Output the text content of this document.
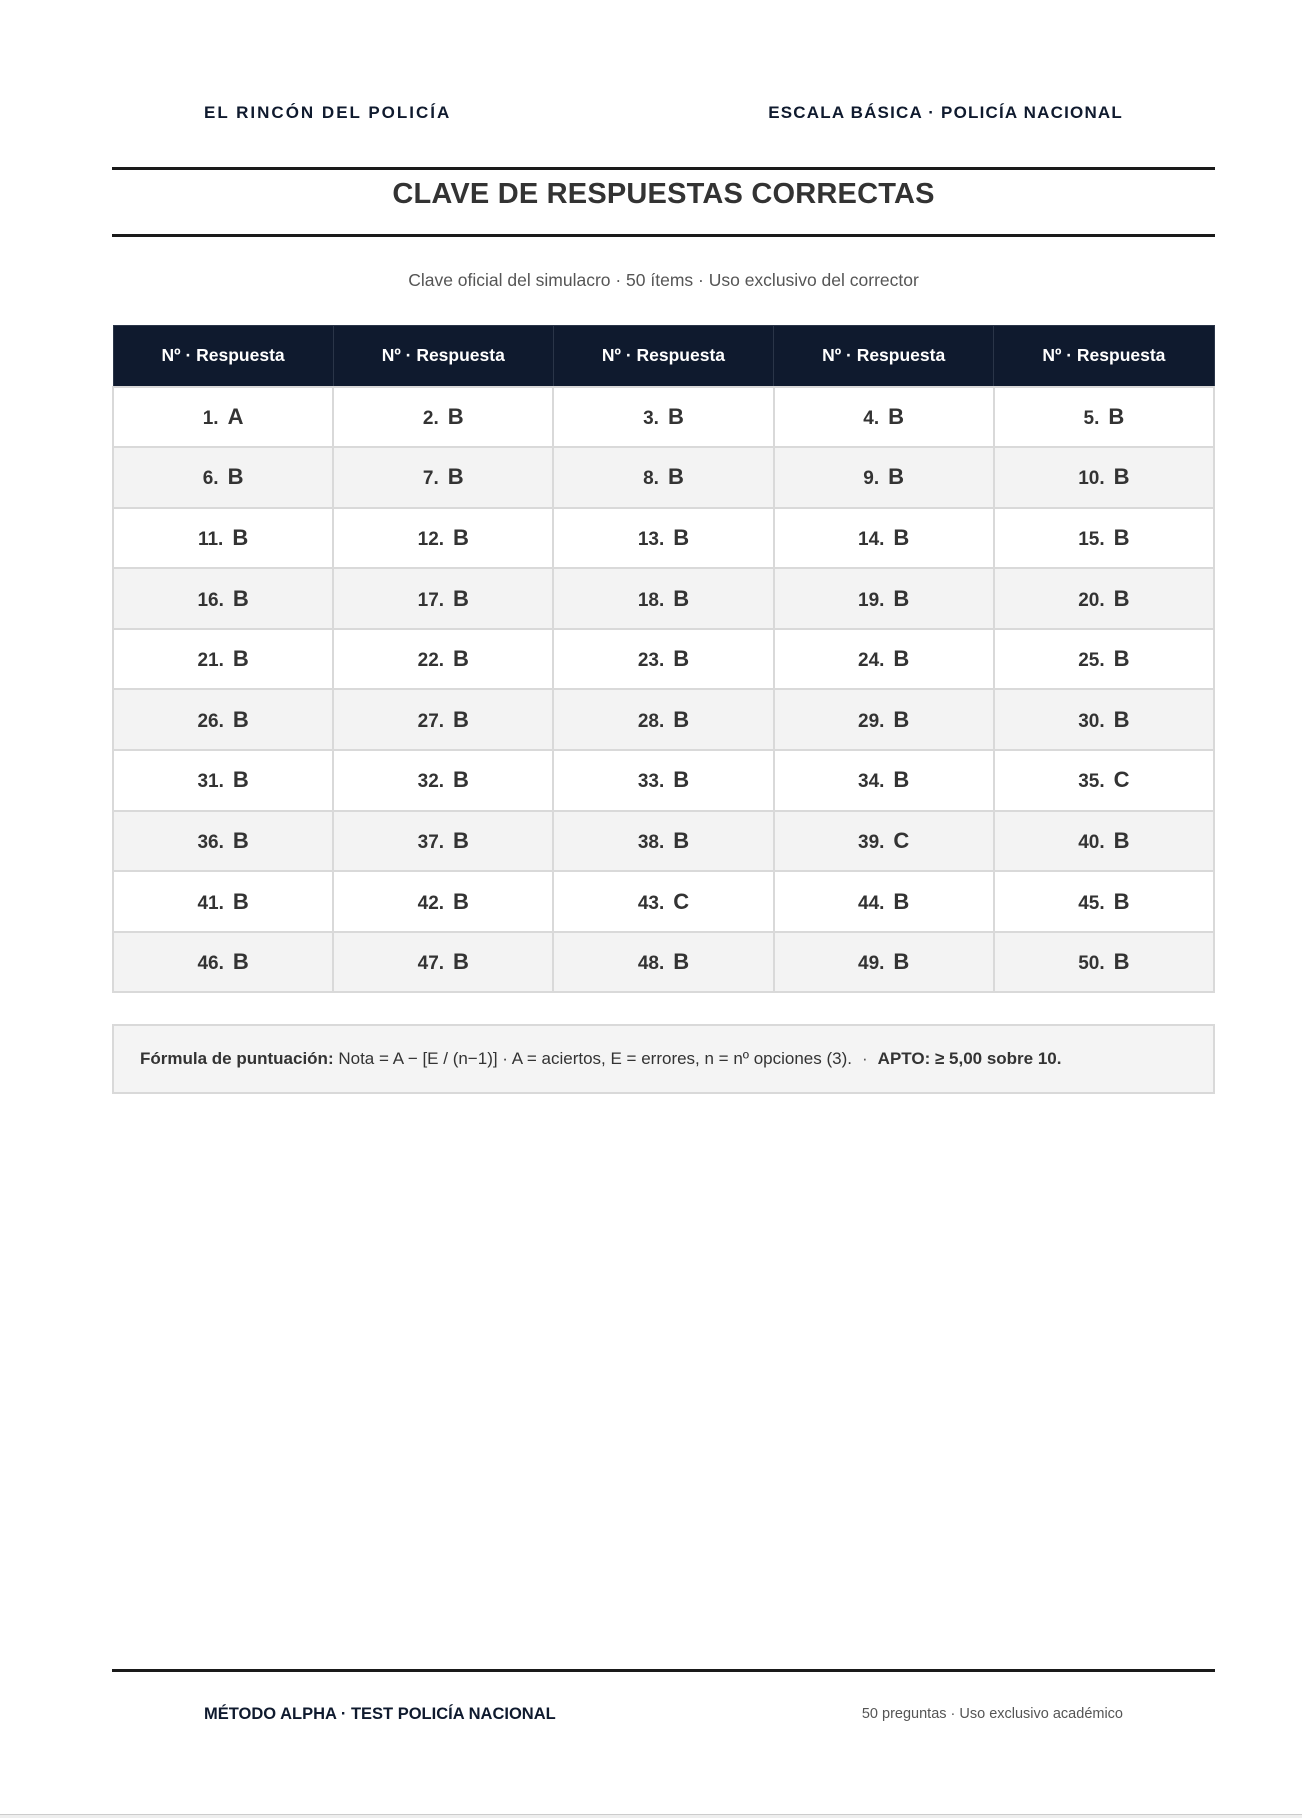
EL RINCÓN DEL POLICÍA	ESCALA BÁSICA · POLICÍA NACIONAL
CLAVE DE RESPUESTAS CORRECTAS
Clave oficial del simulacro · 50 ítems · Uso exclusivo del corrector
Nº · Respuesta	Nº · Respuesta	Nº · Respuesta	Nº · Respuesta	Nº · Respuesta
1. A	2. B	3. B	4. B	5. B
6. B	7. B	8. B	9. B	10. B
11. B	12. B	13. B	14. B	15. B
16. B	17. B	18. B	19. B	20. B
21. B	22. B	23. B	24. B	25. B
26. B	27. B	28. B	29. B	30. B
31. B	32. B	33. B	34. B	35. C
36. B	37. B	38. B	39. C	40. B
41. B	42. B	43. C	44. B	45. B
46. B	47. B	48. B	49. B	50. B
Fórmula de puntuación:
Nota = A − [E / (n−1)] · A = aciertos, E = errores, n = nº opciones (3). · APTO: ≥ 5,00 sobre 10.
MÉTODO ALPHA · TEST POLICÍA NACIONAL	50 preguntas · Uso exclusivo académico
